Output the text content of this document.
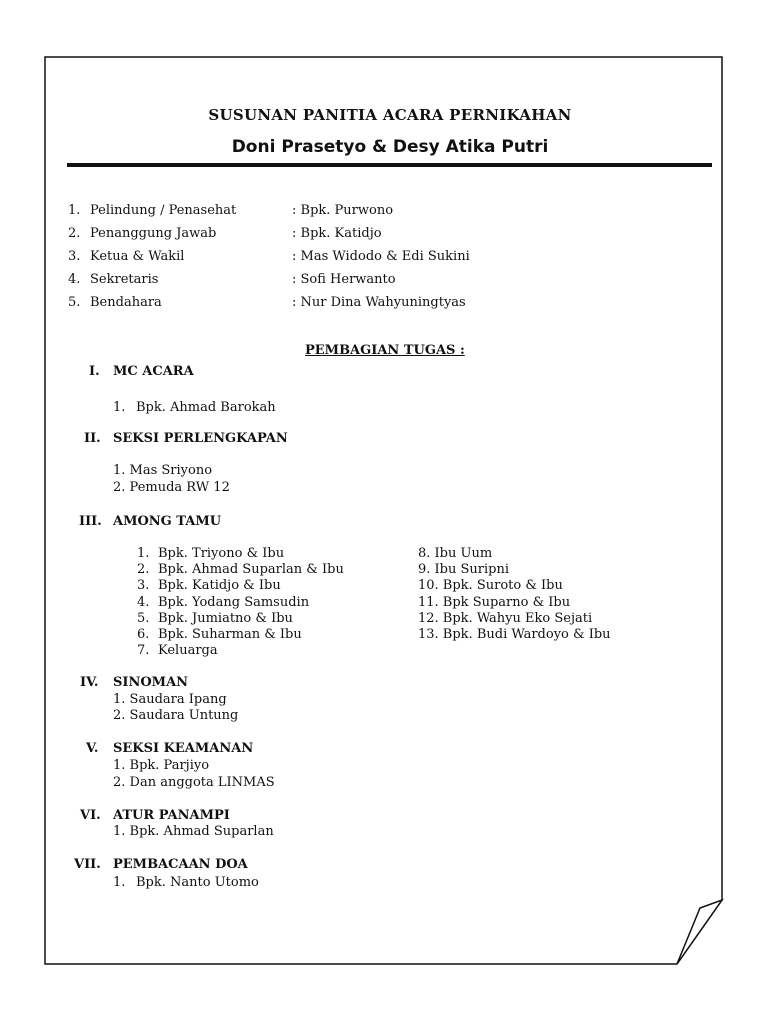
SUSUNAN PANITIA ACARA PERNIKAHAN
Doni Prasetyo & Desy Atika Putri
1. Pelindung / Penasehat	: Bpk. Purwono
2. Penanggung Jawab	: Bpk. Katidjo
3. Ketua & Wakil	: Mas Widodo & Edi Sukini
4. Sekretaris	: Sofi Herwanto
5. Bendahara	: Nur Dina Wahyuningtyas
PEMBAGIAN TUGAS :
I. MC ACARA
1. Bpk. Ahmad Barokah
II. SEKSI PERLENGKAPAN
1. Mas Sriyono
2. Pemuda RW 12
III. AMONG TAMU
1. Bpk. Triyono & Ibu
2. Bpk. Ahmad Suparlan & Ibu
3. Bpk. Katidjo & Ibu
4. Bpk. Yodang Samsudin
5. Bpk. Jumiatno & Ibu
6. Bpk. Suharman & Ibu
7. Keluarga
8. Ibu Uum
9. Ibu Suripni
10. Bpk. Suroto & Ibu
11. Bpk Suparno & Ibu
12. Bpk. Wahyu Eko Sejati
13. Bpk. Budi Wardoyo & Ibu
IV. SINOMAN
1. Saudara Ipang
2. Saudara Untung
V. SEKSI KEAMANAN
1. Bpk. Parjiyo
2. Dan anggota LINMAS
VI. ATUR PANAMPI
1. Bpk. Ahmad Suparlan
VII. PEMBACAAN DOA
1. Bpk. Nanto Utomo
